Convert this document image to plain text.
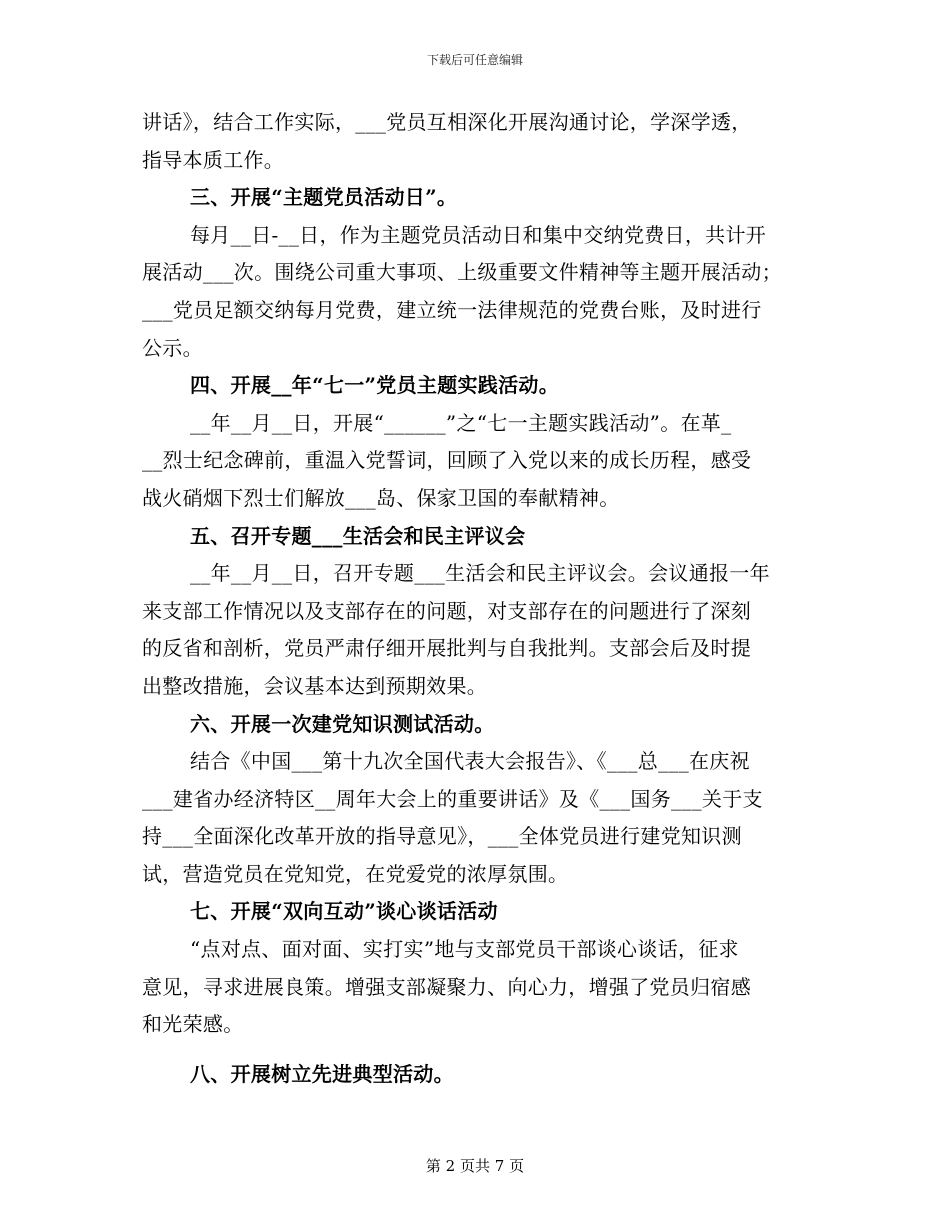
下载后可任意编辑
讲话》，结合工作实际，___党员互相深化开展沟通讨论，学深学透，
指导本质工作。
三、开展“主题党员活动日”。
每月__日-__日，作为主题党员活动日和集中交纳党费日，共计开
展活动___次。围绕公司重大事项、上级重要文件精神等主题开展活动；
___党员足额交纳每月党费，建立统一法律规范的党费台账，及时进行
公示。
四、开展__年“七一”党员主题实践活动。
__年__月__日，开展“______”之“七一主题实践活动”。在革_
__烈士纪念碑前，重温入党誓词，回顾了入党以来的成长历程，感受
战火硝烟下烈士们解放___岛、保家卫国的奉献精神。
五、召开专题___生活会和民主评议会
__年__月__日，召开专题___生活会和民主评议会。会议通报一年
来支部工作情况以及支部存在的问题，对支部存在的问题进行了深刻
的反省和剖析，党员严肃仔细开展批判与自我批判。支部会后及时提
出整改措施，会议基本达到预期效果。
六、开展一次建党知识测试活动。
结合《中国___第十九次全国代表大会报告》、《___总___在庆祝
___建省办经济特区__周年大会上的重要讲话》及《___国务___关于支
持___全面深化改革开放的指导意见》，___全体党员进行建党知识测
试，营造党员在党知党，在党爱党的浓厚氛围。
七、开展“双向互动”谈心谈话活动
“点对点、面对面、实打实”地与支部党员干部谈心谈话，征求
意见，寻求进展良策。增强支部凝聚力、向心力，增强了党员归宿感
和光荣感。
八、开展树立先进典型活动。
第 2 页共 7 页
